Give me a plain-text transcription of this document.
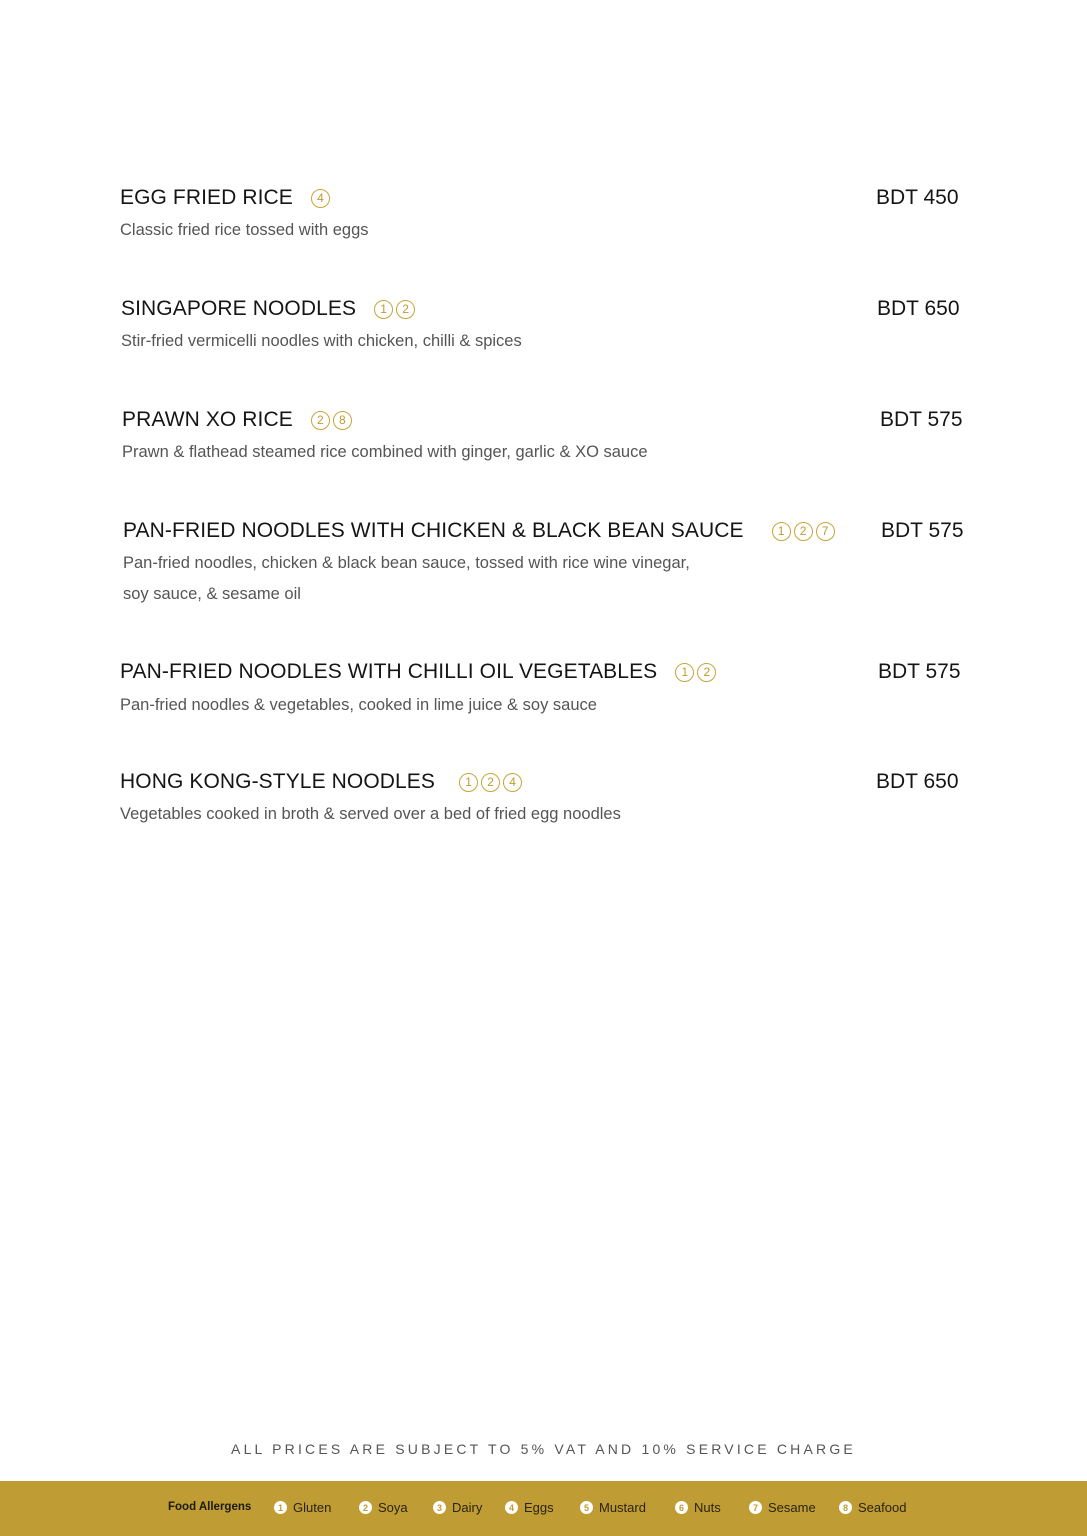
EGG FRIED RICE	4	BDT 450
Classic fried rice tossed with eggs
SINGAPORE NOODLES	1	2	BDT 650
Stir-fried vermicelli noodles with chicken, chilli & spices
PRAWN XO RICE	2	8	BDT 575
Prawn & flathead steamed rice combined with ginger, garlic & XO sauce
PAN-FRIED NOODLES WITH CHICKEN & BLACK BEAN SAUCE	1	2	7	BDT 575
Pan-fried noodles, chicken & black bean sauce, tossed with rice wine vinegar,
soy sauce, & sesame oil
PAN-FRIED NOODLES WITH CHILLI OIL VEGETABLES	1	2	BDT 575
Pan-fried noodles & vegetables, cooked in lime juice & soy sauce
HONG KONG-STYLE NOODLES	1	2	4	BDT 650
Vegetables cooked in broth & served over a bed of fried egg noodles
ALL PRICES ARE SUBJECT TO 5% VAT AND 10% SERVICE CHARGE
Food Allergens	1 Gluten	2 Soya	3 Dairy	4 Eggs	5 Mustard	6 Nuts	7 Sesame	8 Seafood
